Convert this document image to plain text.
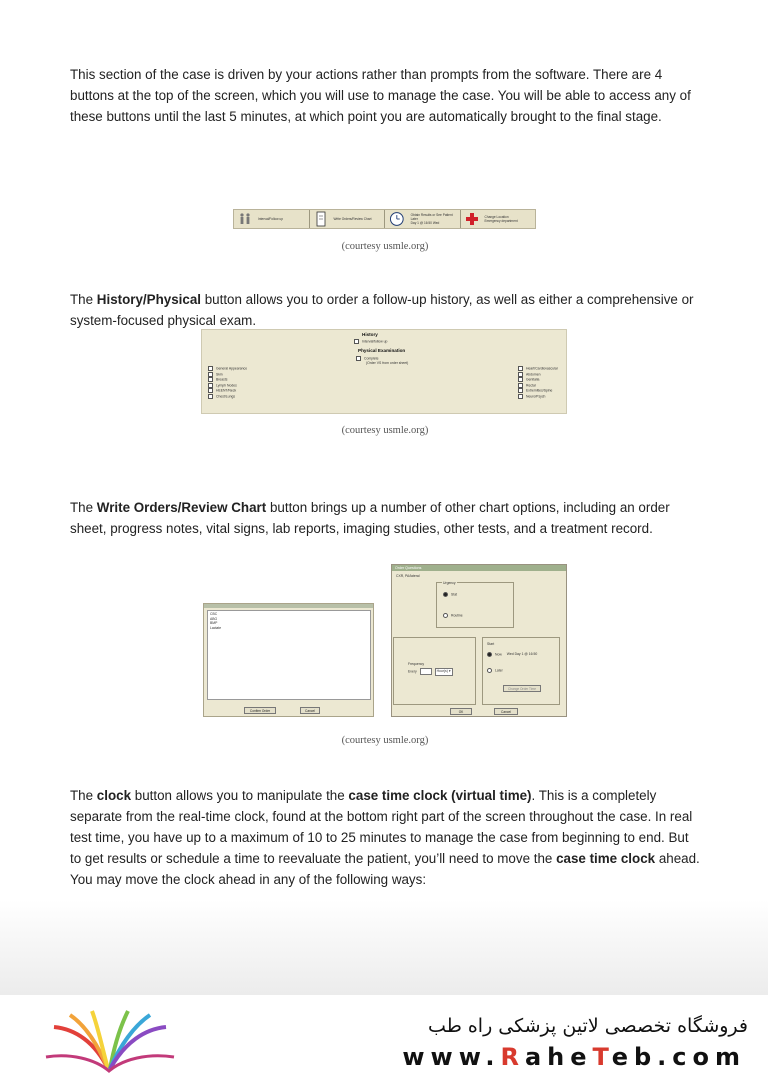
This section of the case is driven by your actions rather than prompts from the software. There are 4 buttons at the top of the screen, which you will use to manage the case. You will be able to access any of these buttons until the last 5 minutes, at which point you are automatically brought to the final stage.

Interval/Follow up	Write Orders/Review Chart
Obtain Results or See Patient Later
Day 1 @ 16:50 Wed
Change Location
Emergency department
(courtesy usmle.org)

The History/Physical button allows you to order a follow-up history, as well as either a comprehensive or system-focused physical exam.

History
Interval/follow up
Physical Examination
Complete
(Order VS from order sheet)
General Appearance
Skin
Breasts
Lymph Nodes
HEENT/Neck
Chest/Lungs
Heart/Cardiovascular
Abdomen
Genitalia
Rectal
Extremities/Spine
Neuro/Psych
(courtesy usmle.org)

The Write Orders/Review Chart button brings up a number of other chart options, including an order sheet, progress notes, vital signs, lab reports, imaging studies, other tests, and a treatment record.

CBC
ABG
BMP
Lactate
Confirm Order	Cancel
Order Questions
CXR, PA/lateral
Urgency
Stat
Routine
Frequency
Every	Hour(s) ▾
Start
Now Wed Day 1 @ 16:50
Later
Change Order Time
OK	Cancel
(courtesy usmle.org)

The clock button allows you to manipulate the case time clock (virtual time). This is a completely separate from the real-time clock, found at the bottom right part of the screen throughout the case. In real test time, you have up to a maximum of 10 to 25 minutes to manage the case from beginning to end. But to get results or schedule a time to reevaluate the patient, you’ll need to move the case time clock ahead. You may move the clock ahead in any of the following ways:

فروشگاه تخصصی لاتین پزشکی راه طب
www.RaheTeb.com
